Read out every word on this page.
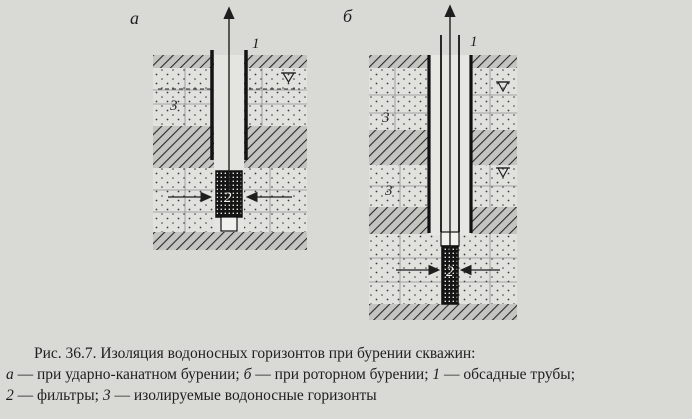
а
1
3
2
б
1
3
3
2
Рис. 36.7. Изоляция водоносных горизонтов при бурении скважин:
а — при ударно-канатном бурении; б — при роторном бурении; 1 — обсадные трубы;
2 — фильтры; 3 — изолируемые водоносные горизонты
